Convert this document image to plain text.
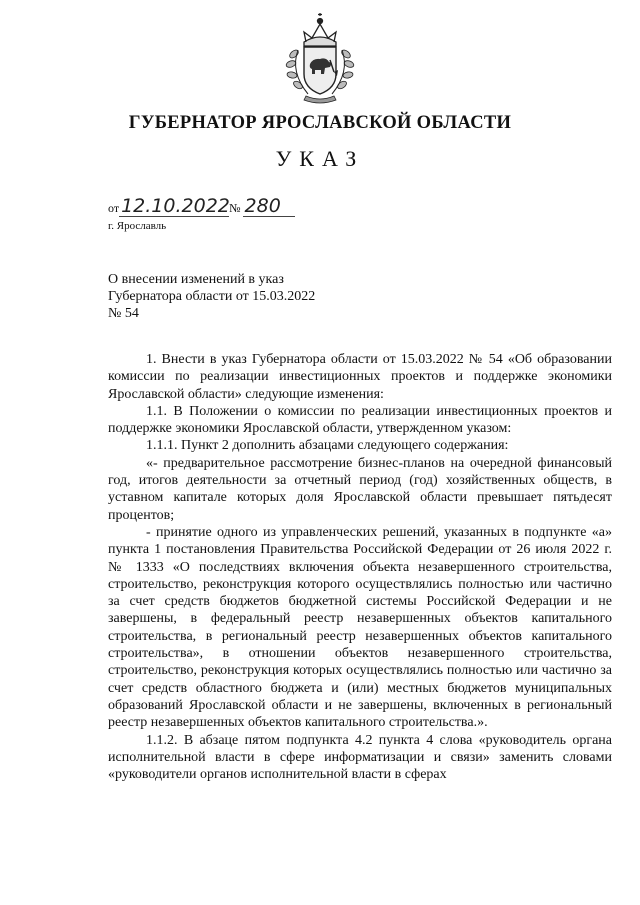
ГУБЕРНАТОР ЯРОСЛАВСКОЙ ОБЛАСТИ
УКАЗ
от 12.10.2022№ 280
г. Ярославль
О внесении изменений в указ
Губернатора области от 15.03.2022
№ 54

1. Внести в указ Губернатора области от 15.03.2022 № 54 «Об образовании комиссии по реализации инвестиционных проектов и поддержке экономики Ярославской области» следующие изменения:

1.1. В Положении о комиссии по реализации инвестиционных проектов и поддержке экономики Ярославской области, утвержденном указом:

1.1.1. Пункт 2 дополнить абзацами следующего содержания:

«- предварительное рассмотрение бизнес-планов на очередной финансовый год, итогов деятельности за отчетный период (год) хозяйственных обществ, в уставном капитале которых доля Ярославской области превышает пятьдесят процентов;

- принятие одного из управленческих решений, указанных в подпункте «а» пункта 1 постановления Правительства Российской Федерации от 26 июля 2022 г. № 1333 «О последствиях включения объекта незавершенного строительства, строительство, реконструкция которого осуществлялись полностью или частично за счет средств бюджетов бюджетной системы Российской Федерации и не завершены, в федеральный реестр незавершенных объектов капитального строительства, в региональный реестр незавершенных объектов капитального строительства», в отношении объектов незавершенного строительства, строительство, реконструкция которых осуществлялись полностью или частично за счет средств областного бюджета и (или) местных бюджетов муниципальных образований Ярославской области и не завершены, включенных в региональный реестр незавершенных объектов капитального строительства.».

1.1.2. В абзаце пятом подпункта 4.2 пункта 4 слова «руководитель органа исполнительной власти в сфере информатизации и связи» заменить словами «руководители органов исполнительной власти в сферах
